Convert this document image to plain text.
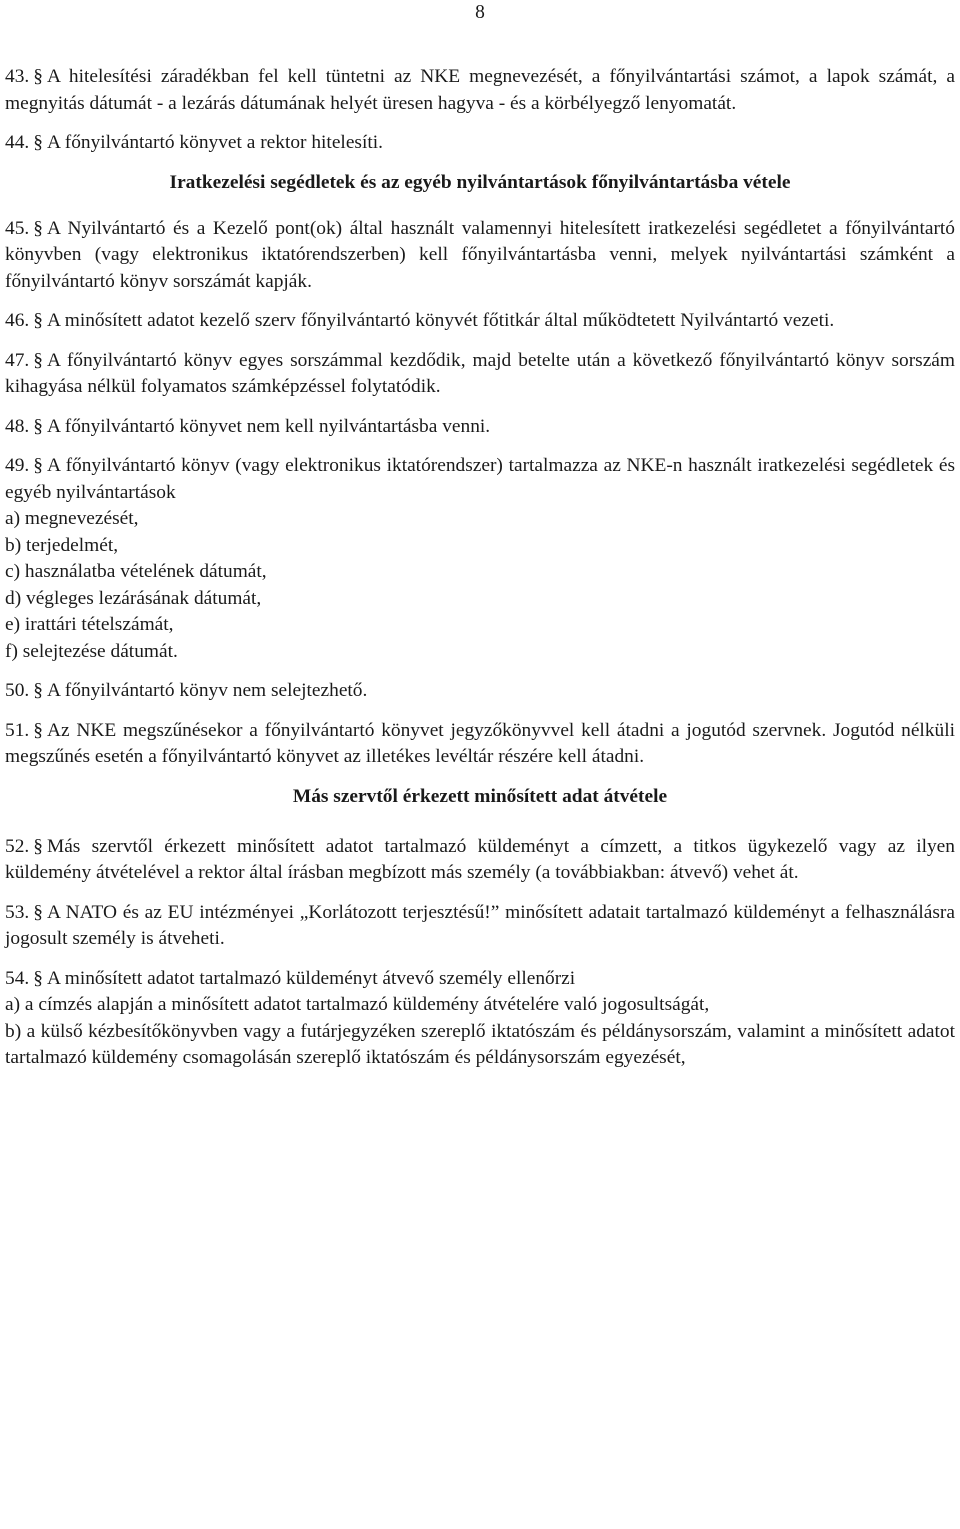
8

43. § A hitelesítési záradékban fel kell tüntetni az NKE megnevezését, a főnyilvántartási számot, a lapok számát, a megnyitás dátumát - a lezárás dátumának helyét üresen hagyva - és a körbélyegző lenyomatát.

44. § A főnyilvántartó könyvet a rektor hitelesíti.

Iratkezelési segédletek és az egyéb nyilvántartások főnyilvántartásba vétele

45. § A Nyilvántartó és a Kezelő pont(ok) által használt valamennyi hitelesített iratkezelési segédletet a főnyilvántartó könyvben (vagy elektronikus iktatórendszerben) kell főnyilvántartásba venni, melyek nyilvántartási számként a főnyilvántartó könyv sorszámát kapják.

46. § A minősített adatot kezelő szerv főnyilvántartó könyvét főtitkár által működtetett Nyilvántartó vezeti.

47. § A főnyilvántartó könyv egyes sorszámmal kezdődik, majd betelte után a következő főnyilvántartó könyv sorszám kihagyása nélkül folyamatos számképzéssel folytatódik.

48. § A főnyilvántartó könyvet nem kell nyilvántartásba venni.

49. § A főnyilvántartó könyv (vagy elektronikus iktatórendszer) tartalmazza az NKE-n használt iratkezelési segédletek és egyéb nyilvántartások
a) megnevezését,
b) terjedelmét,
c) használatba vételének dátumát,
d) végleges lezárásának dátumát,
e) irattári tételszámát,
f) selejtezése dátumát.

50. § A főnyilvántartó könyv nem selejtezhető.

51. § Az NKE megszűnésekor a főnyilvántartó könyvet jegyzőkönyvvel kell átadni a jogutód szervnek. Jogutód nélküli megszűnés esetén a főnyilvántartó könyvet az illetékes levéltár részére kell átadni.

Más szervtől érkezett minősített adat átvétele

52. § Más szervtől érkezett minősített adatot tartalmazó küldeményt a címzett, a titkos ügykezelő vagy az ilyen küldemény átvételével a rektor által írásban megbízott más személy (a továbbiakban: átvevő) vehet át.

53. § A NATO és az EU intézményei „Korlátozott terjesztésű!” minősített adatait tartalmazó küldeményt a felhasználásra jogosult személy is átveheti.

54. § A minősített adatot tartalmazó küldeményt átvevő személy ellenőrzi
a) a címzés alapján a minősített adatot tartalmazó küldemény átvételére való jogosultságát,
b) a külső kézbesítőkönyvben vagy a futárjegyzéken szereplő iktatószám és példánysorszám, valamint a minősített adatot tartalmazó küldemény csomagolásán szereplő iktatószám és példánysorszám egyezését,
